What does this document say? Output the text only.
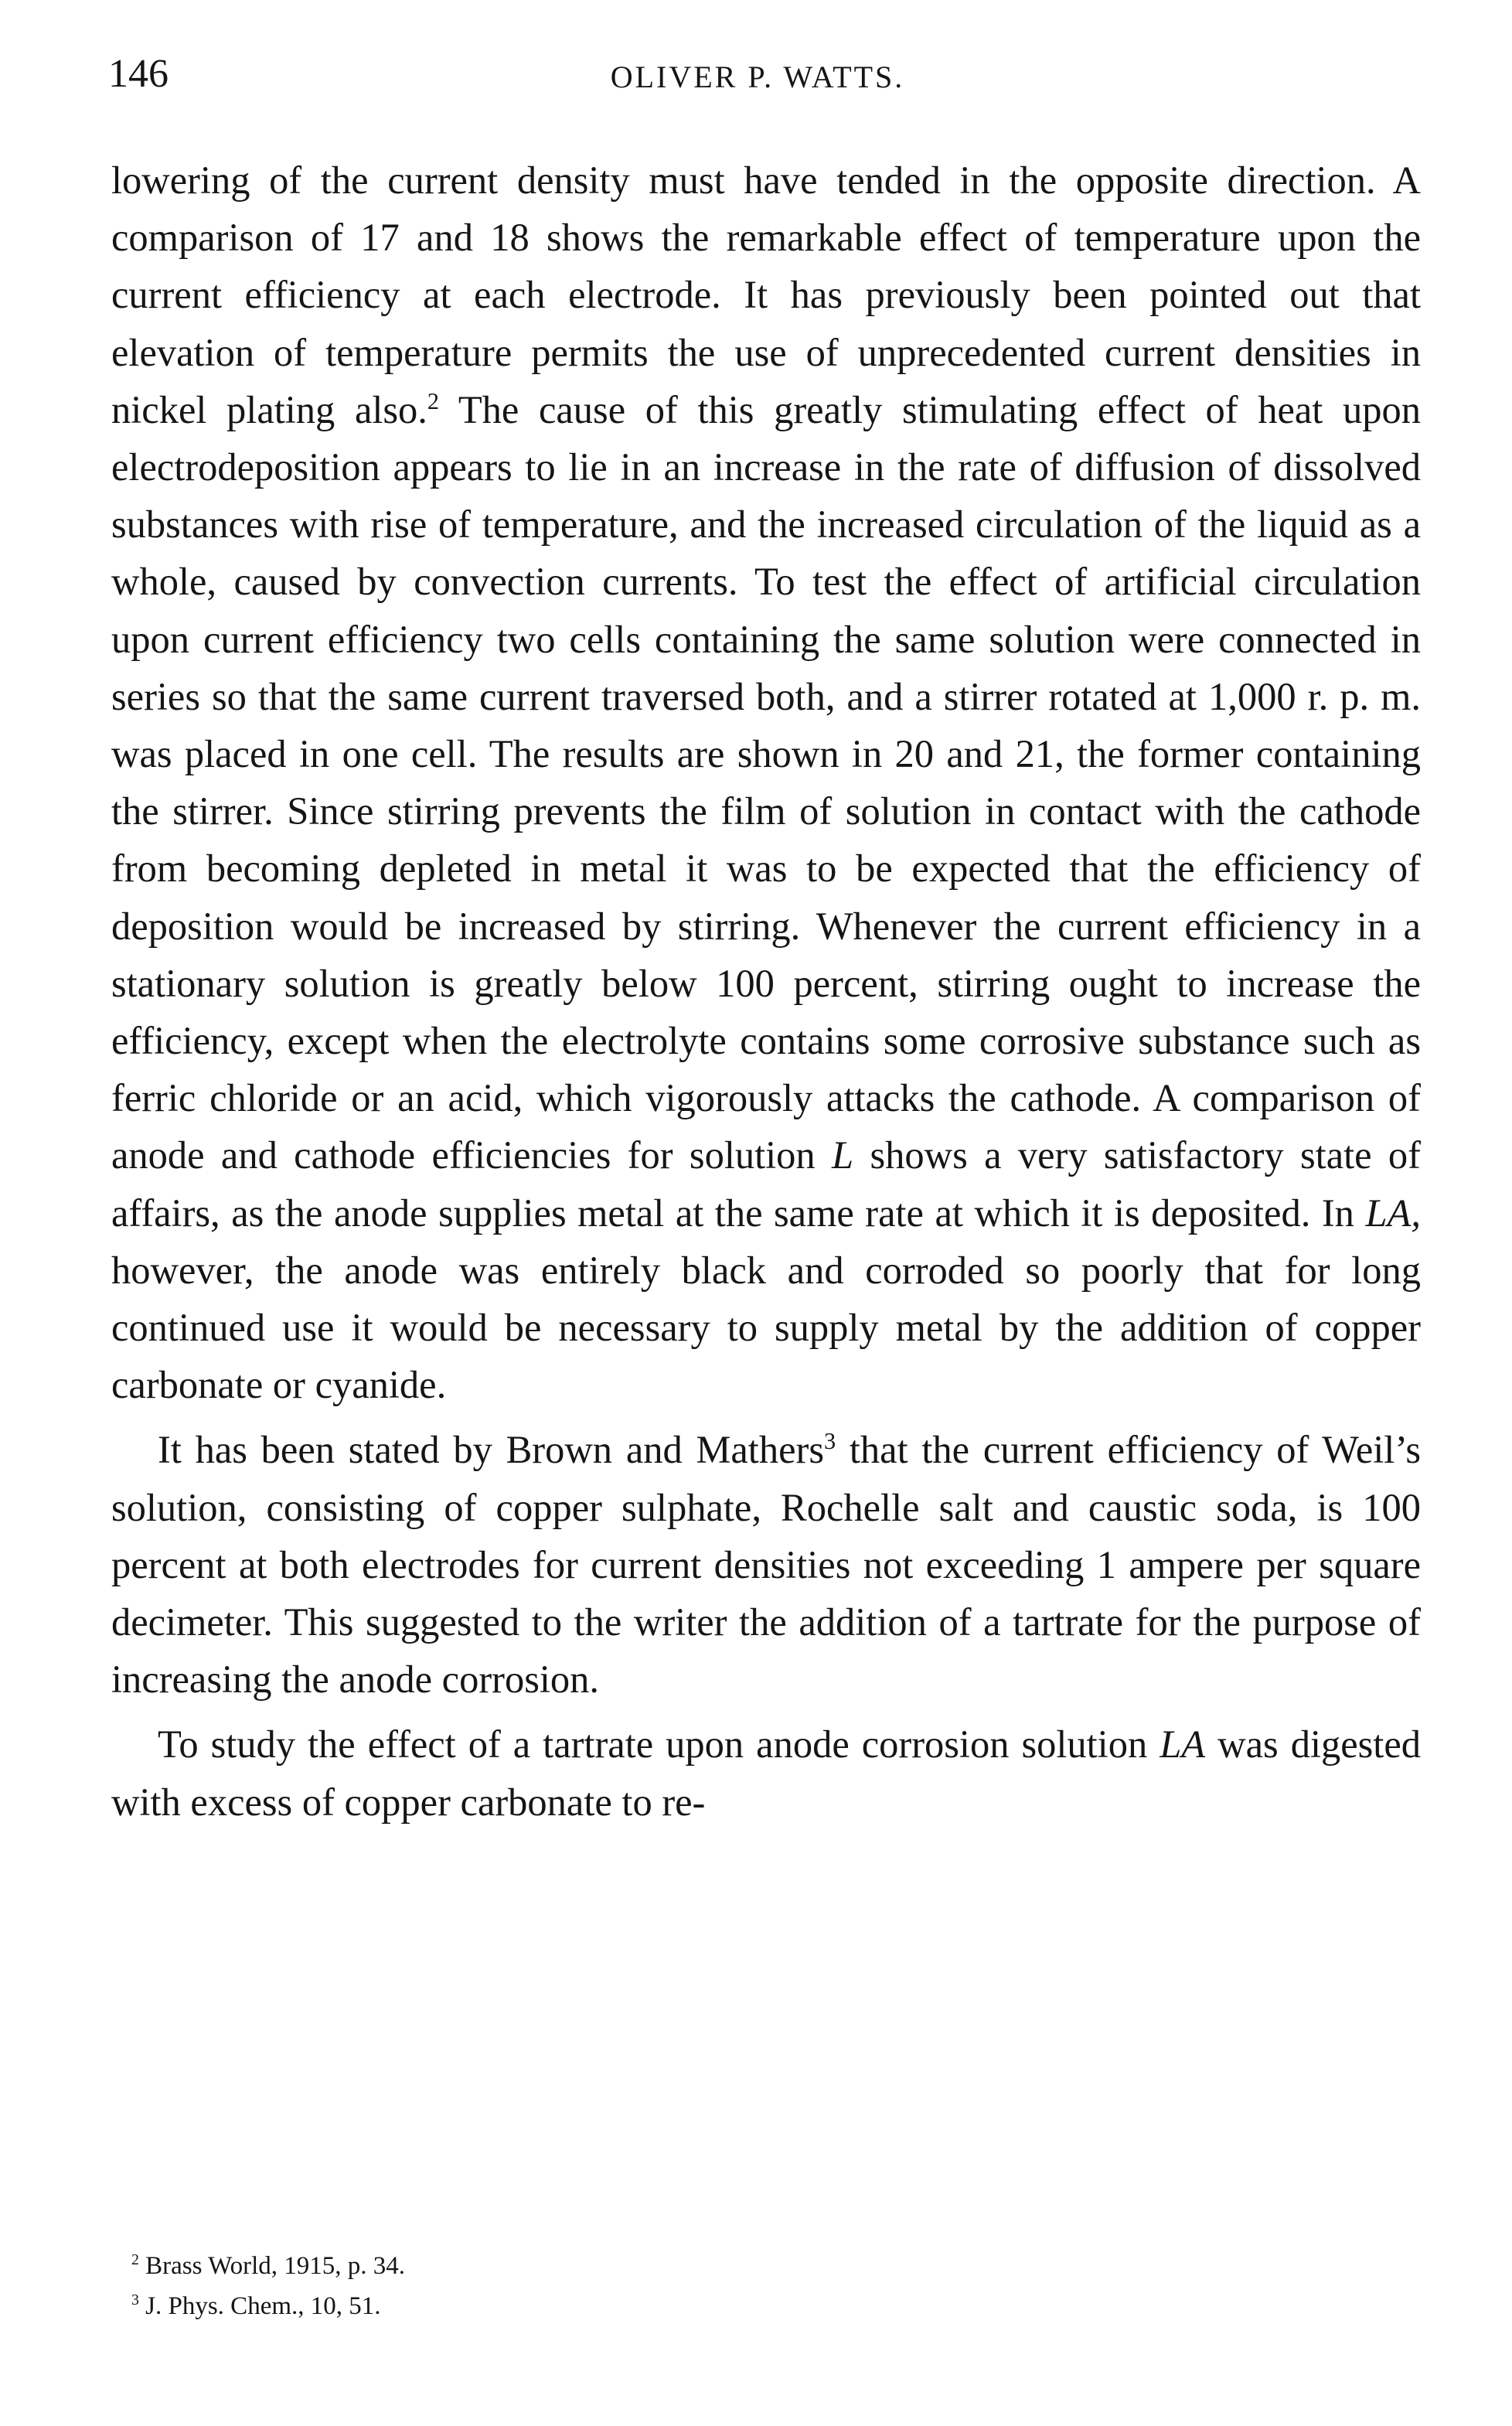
146	OLIVER P. WATTS.

lowering of the current density must have tended in the opposite direction. A comparison of 17 and 18 shows the remarkable effect of temperature upon the current efficiency at each electrode. It has previously been pointed out that elevation of temperature permits the use of unprecedented current densities in nickel plating also.$^2$ The cause of this greatly stimulating effect of heat upon electrodeposition appears to lie in an increase in the rate of diffusion of dissolved substances with rise of temperature, and the increased circulation of the liquid as a whole, caused by convection currents. To test the effect of artificial circulation upon current efficiency two cells containing the same solution were connected in series so that the same current traversed both, and a stirrer rotated at 1,000 r. p. m. was placed in one cell. The results are shown in 20 and 21, the former containing the stirrer. Since stirring prevents the film of solution in contact with the cathode from becoming depleted in metal it was to be expected that the efficiency of deposition would be increased by stirring. Whenever the current efficiency in a stationary solution is greatly below 100 percent, stirring ought to increase the efficiency, except when the electrolyte contains some corrosive substance such as ferric chloride or an acid, which vigorously attacks the cathode. A comparison of anode and cathode efficiencies for solution L shows a very satisfactory state of affairs, as the anode supplies metal at the same rate at which it is deposited. In LA, however, the anode was entirely black and corroded so poorly that for long continued use it would be necessary to supply metal by the addition of copper carbonate or cyanide.

It has been stated by Brown and Mathers$^3$ that the current efficiency of Weil’s solution, consisting of copper sulphate, Rochelle salt and caustic soda, is 100 percent at both electrodes for current densities not exceeding 1 ampere per square decimeter. This suggested to the writer the addition of a tartrate for the purpose of increasing the anode corrosion.

To study the effect of a tartrate upon anode corrosion solution LA was digested with excess of copper carbonate to re-

$^2$ Brass World, 1915, p. 34.
$^3$ J. Phys. Chem., 10, 51.
